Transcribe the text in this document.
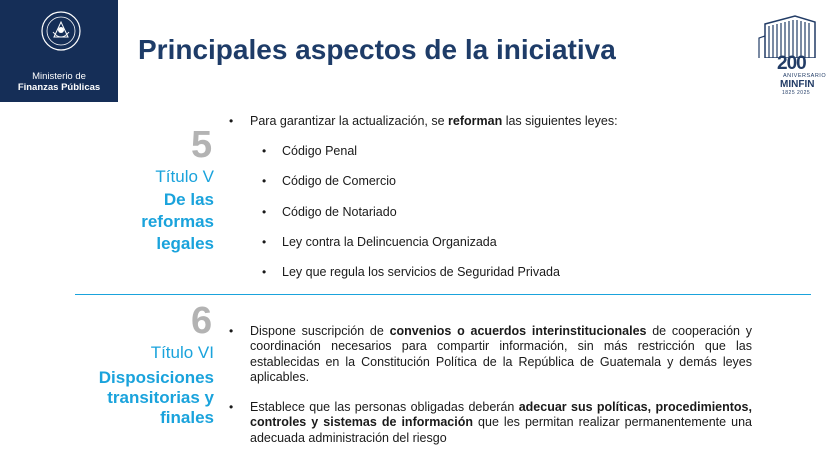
Ministerio de
Finanzas Públicas
Principales aspectos de la iniciativa	200
ANIVERSARIO
MINFIN
1825 2025
5
Título V
De las
reformas
legales
• Para garantizar la actualización, se reforman las siguientes leyes:
• Código Penal
• Código de Comercio
• Código de Notariado
• Ley contra la Delincuencia Organizada
• Ley que regula los servicios de Seguridad Privada
6
Título VI
Disposiciones
transitorias y
finales
• Dispone suscripción de convenios o acuerdos interinstitucionales de cooperación y coordinación necesarios para compartir información, sin más restricción que las establecidas en la Constitución Política de la República de Guatemala y demás leyes aplicables.
• Establece que las personas obligadas deberán adecuar sus políticas, procedimientos, controles y sistemas de información que les permitan realizar permanentemente una adecuada administración del riesgo
